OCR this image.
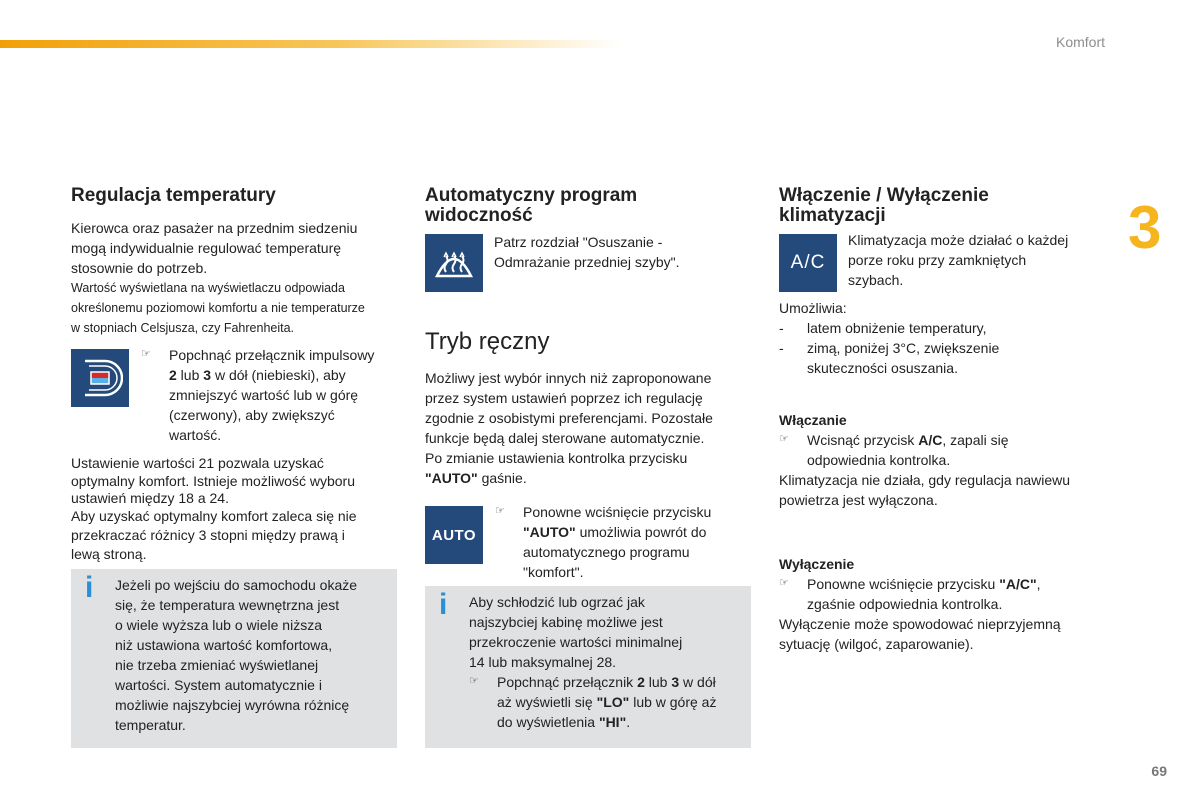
Komfort
3
69
Regulacja temperatury

Kierowca oraz pasażer na przednim siedzeniu

mogą indywidualnie regulować temperaturę

stosownie do potrzeb.

Wartość wyświetlana na wyświetlaczu odpowiada

określonemu poziomowi komfortu a nie temperaturze

w stopniach Celsjusza, czy Fahrenheita.

☞	Popchnąć przełącznik impulsowy

2 lub 3 w dół (niebieski), aby

zmniejszyć wartość lub w górę

(czerwony), aby zwiększyć

wartość.

Ustawienie wartości 21 pozwala uzyskać

optymalny komfort. Istnieje możliwość wyboru

ustawień między 18 a 24.

Aby uzyskać optymalny komfort zaleca się nie

przekraczać różnicy 3 stopni między prawą i

lewą stroną.

i Jeżeli po wejściu do samochodu okaże

się, że temperatura wewnętrzna jest

o wiele wyższa lub o wiele niższa

niż ustawiona wartość komfortowa,

nie trzeba zmieniać wyświetlanej

wartości. System automatycznie i

możliwie najszybciej wyrówna różnicę

temperatur.

Automatyczny program
widoczność

Patrz rozdział "Osuszanie -

Odmrażanie przedniej szyby".

Tryb ręczny

Możliwy jest wybór innych niż zaproponowane

przez system ustawień poprzez ich regulację

zgodnie z osobistymi preferencjami. Pozostałe

funkcje będą dalej sterowane automatycznie.

Po zmianie ustawienia kontrolka przycisku

"AUTO" gaśnie.

AUTO
☞	Ponowne wciśnięcie przycisku

"AUTO" umożliwia powrót do

automatycznego programu

"komfort".

i Aby schłodzić lub ogrzać jak

najszybciej kabinę możliwe jest

przekroczenie wartości minimalnej

14 lub maksymalnej 28.

☞	Popchnąć przełącznik 2 lub 3 w dół

aż wyświetli się "LO" lub w górę aż

do wyświetlenia "HI".

Włączenie / Wyłączenie
klimatyzacji
A/C

Klimatyzacja może działać o każdej

porze roku przy zamkniętych

szybach.

Umożliwia:

-	latem obniżenie temperatury,
-	zimą, poniżej 3°C, zwiększenie
skuteczności osuszania.

Włączanie

☞	Wcisnąć przycisk A/C, zapali się

odpowiednia kontrolka.

Klimatyzacja nie działa, gdy regulacja nawiewu

powietrza jest wyłączona.

Wyłączenie

☞	Ponowne wciśnięcie przycisku "A/C",

zgaśnie odpowiednia kontrolka.

Wyłączenie może spowodować nieprzyjemną

sytuację (wilgoć, zaparowanie).
